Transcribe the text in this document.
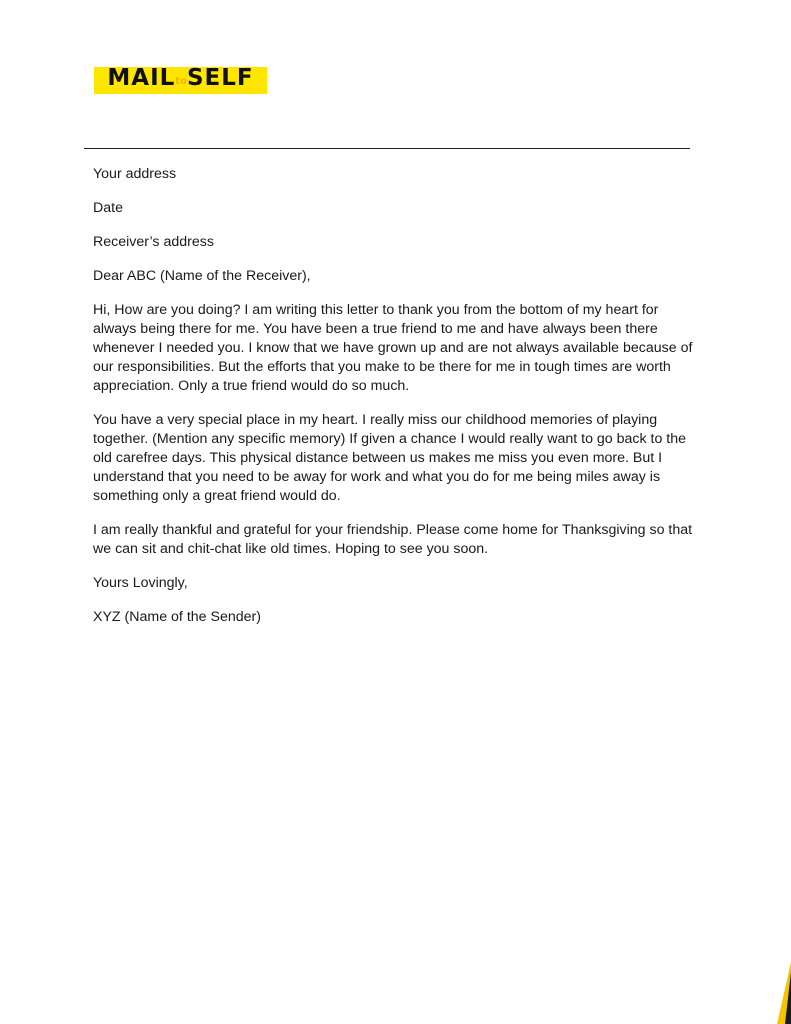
MAILtoSELF

Your address

Date

Receiver’s address

Dear ABC (Name of the Receiver),

Hi, How are you doing? I am writing this letter to thank you from the bottom of my heart for always being there for me. You have been a true friend to me and have always been there whenever I needed you. I know that we have grown up and are not always available because of our responsibilities. But the efforts that you make to be there for me in tough times are worth appreciation. Only a true friend would do so much.

You have a very special place in my heart. I really miss our childhood memories of playing together. (Mention any specific memory) If given a chance I would really want to go back to the old carefree days. This physical distance between us makes me miss you even more. But I understand that you need to be away for work and what you do for me being miles away is something only a great friend would do.

I am really thankful and grateful for your friendship. Please come home for Thanksgiving so that we can sit and chit-chat like old times. Hoping to see you soon.

Yours Lovingly,

XYZ (Name of the Sender)
